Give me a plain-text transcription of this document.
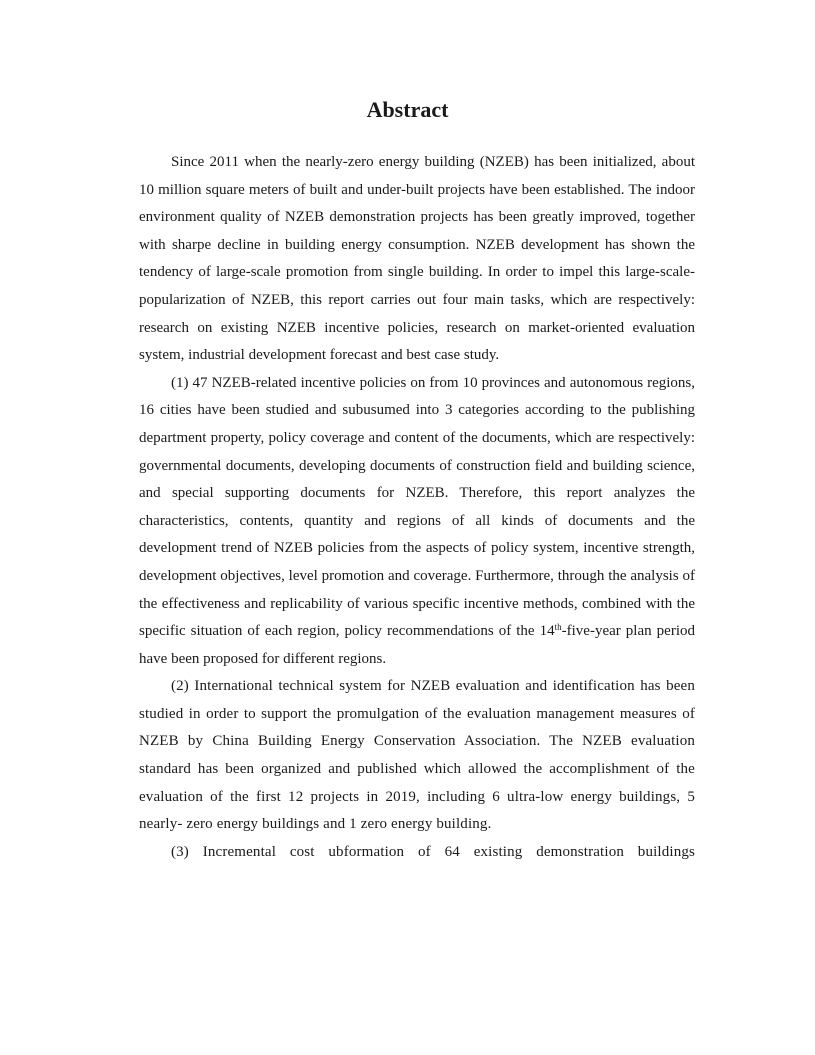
Abstract

Since 2011 when the nearly-zero energy building (NZEB) has been initialized, about 10 million square meters of built and under-built projects have been established. The indoor environment quality of NZEB demonstration projects has been greatly improved, together with sharpe decline in building energy consumption. NZEB development has shown the tendency of large-scale promotion from single building. In order to impel this large-scale-popularization of NZEB, this report carries out four main tasks, which are respectively: research on existing NZEB incentive policies, research on market-oriented evaluation system, industrial development forecast and best case study.

(1) 47 NZEB-related incentive policies on from 10 provinces and autonomous regions, 16 cities have been studied and subusumed into 3 categories according to the publishing department property, policy coverage and content of the documents, which are respectively: governmental documents, developing documents of construction field and building science, and special supporting documents for NZEB. Therefore, this report analyzes the characteristics, contents, quantity and regions of all kinds of documents and the development trend of NZEB policies from the aspects of policy system, incentive strength, development objectives, level promotion and coverage. Furthermore, through the analysis of the effectiveness and replicability of various specific incentive methods, combined with the specific situation of each region, policy recommendations of the 14th-five-year plan period have been proposed for different regions.

(2) International technical system for NZEB evaluation and identification has been studied in order to support the promulgation of the evaluation management measures of NZEB by China Building Energy Conservation Association. The NZEB evaluation standard has been organized and published which allowed the accomplishment of the evaluation of the first 12 projects in 2019, including 6 ultra-low energy buildings, 5 nearly- zero energy buildings and 1 zero energy building.

(3) Incremental cost ubformation of 64 existing demonstration buildings
